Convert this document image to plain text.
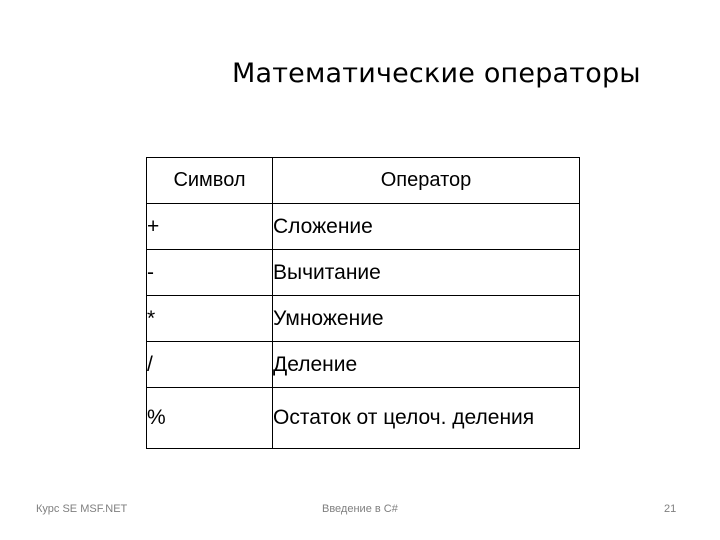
Математические операторы
Символ	Оператор
+	Сложение
-	Вычитание
*	Умножение
/	Деление
%	Остаток от целоч. деления
Курс SE MSF.NET	Введение в C#	21
